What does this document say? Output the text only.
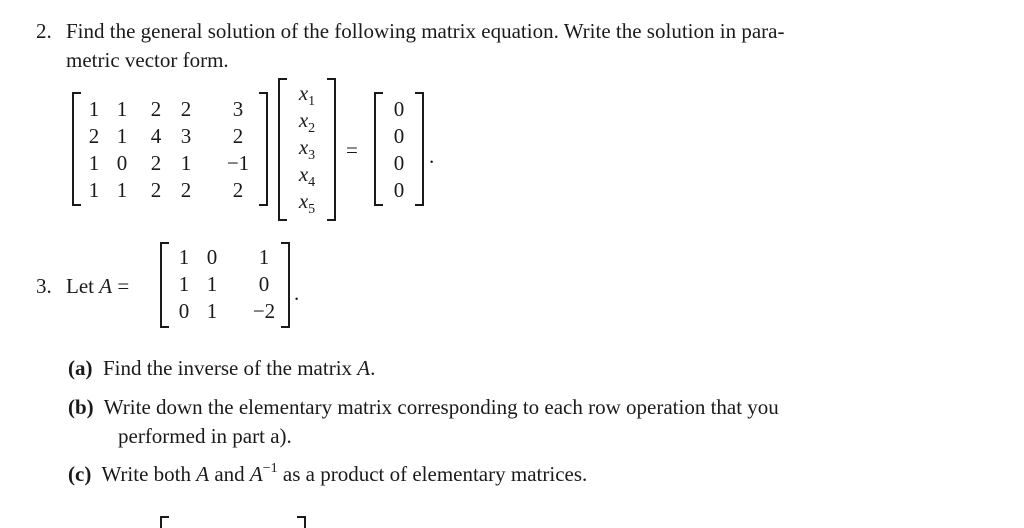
2. Find the general solution of the following matrix equation. Write the solution in para-
metric vector form.
1 1 2 2 3
2 1 4 3 2
1 0 2 1 −1
1 1 2 2 2
$x_1$
$x_2$
$x_3$
$x_4$
$x_5$
=
0
0
0
0
.
3. Let A =
1 0 1
1 1 0
0 1 −2
.
(a) Find the inverse of the matrix A.
(b) Write down the elementary matrix corresponding to each row operation that you
performed in part a).
(c) Write both A and $A^{-1}$ as a product of elementary matrices.
